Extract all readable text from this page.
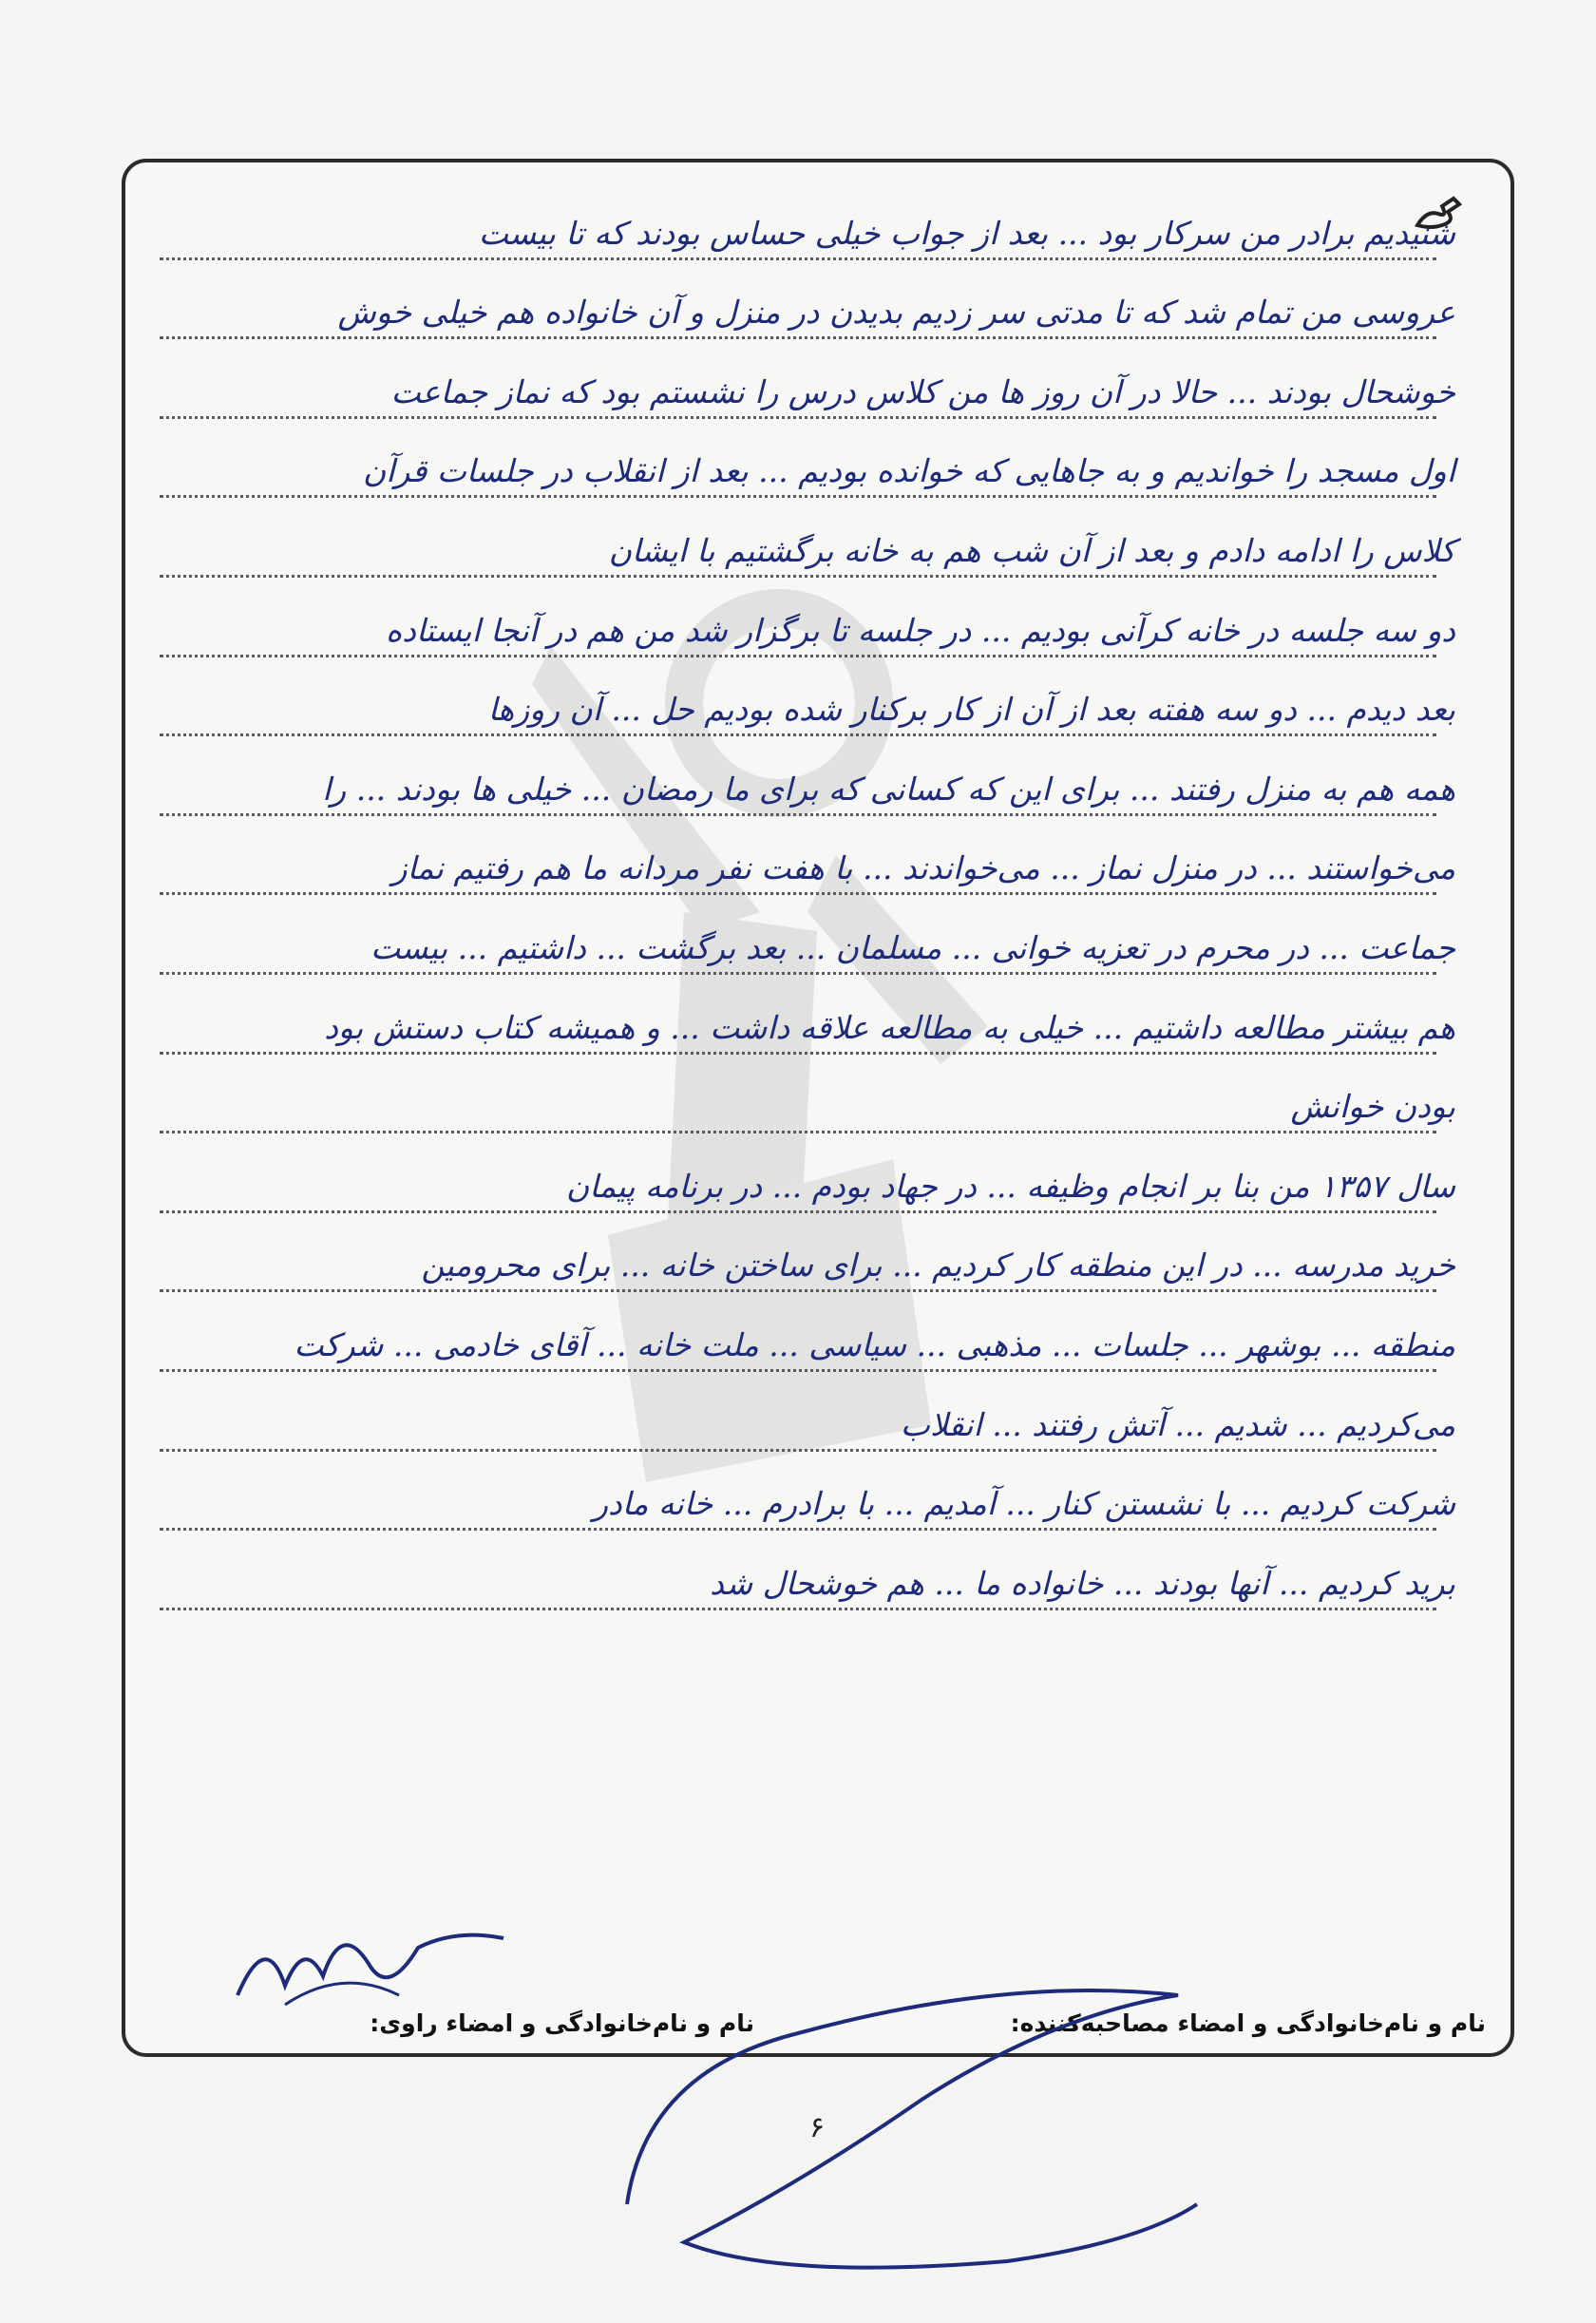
شنیدیم برادر من سرکار بود ... بعد از جواب خیلی حساس بودند که تا بیست
عروسی من تمام شد که تا مدتی سر زدیم بدیدن در منزل و آن خانواده هم خیلی خوش
خوشحال بودند ... حالا در آن روز ها من کلاس درس را نشستم بود که نماز جماعت
اول مسجد را خواندیم و به جاهایی که خوانده بودیم ... بعد از انقلاب در جلسات قرآن
کلاس را ادامه دادم و بعد از آن شب هم به خانه برگشتیم با ایشان
دو سه جلسه در خانه کرآنی بودیم ... در جلسه تا برگزار شد من هم در آنجا ایستاده
بعد دیدم ... دو سه هفته بعد از آن از کار برکنار شده بودیم حل ... آن روزها
همه هم به منزل رفتند ... برای این که کسانی که برای ما رمضان ... خیلی ها بودند ... را
می‌خواستند ... در منزل نماز ... می‌خواندند ... با هفت نفر مردانه ما هم رفتیم نماز
جماعت ... در محرم در تعزیه خوانی ... مسلمان ... بعد برگشت ... داشتیم ... بیست
هم بیشتر مطالعه داشتیم ... خیلی به مطالعه علاقه داشت ... و همیشه کتاب دستش بود
بودن خوانش
سال ۱۳۵۷ من بنا بر انجام وظیفه ... در جهاد بودم ... در برنامه پیمان
خرید مدرسه ... در این منطقه کار کردیم ... برای ساختن خانه ... برای محرومین
منطقه ... بوشهر ... جلسات ... مذهبی ... سیاسی ... ملت خانه ... آقای خادمی ... شرکت
می‌کردیم ... شدیم ... آتش رفتند ... انقلاب
شرکت کردیم ... با نشستن کنار ... آمدیم ... با برادرم ... خانه مادر
برید کردیم ... آنها بودند ... خانواده ما ... هم خوشحال شد
نام و نام‌خانوادگی و امضاء مصاحبه‌کننده:
نام و نام‌خانوادگی و امضاء راوی:
۶
